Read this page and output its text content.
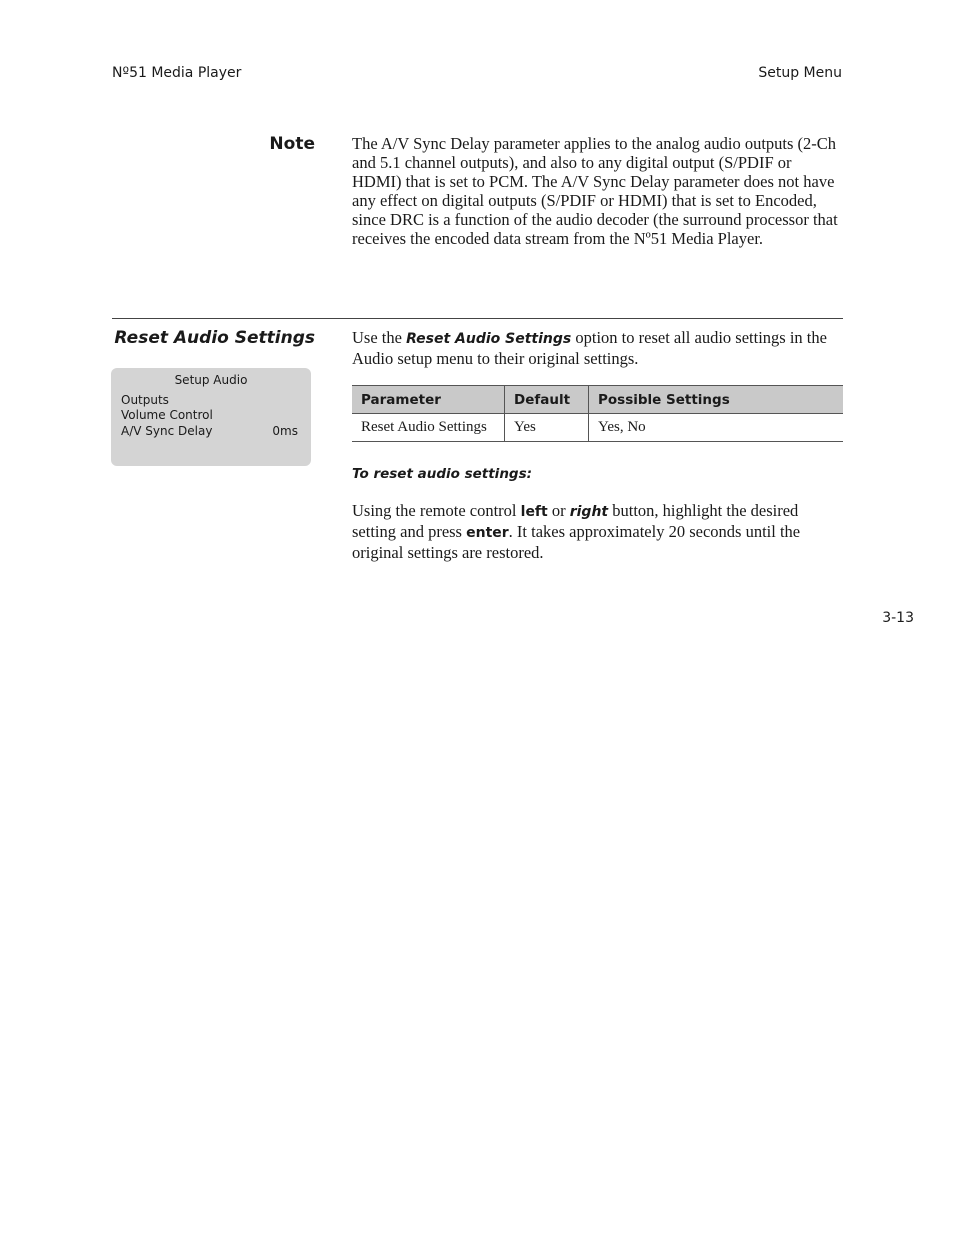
Nº51 Media Player	Setup Menu
Note The A/V Sync Delay parameter applies to the analog audio outputs (2-Ch and 5.1 channel outputs), and also to any digital output (S/PDIF or HDMI) that is set to PCM. The A/V Sync Delay parameter does not have any effect on digital outputs (S/PDIF or HDMI) that is set to Encoded, since DRC is a function of the audio decoder (the surround processor that receives the encoded data stream from the Nº51 Media Player.
Reset Audio Settings
Setup Audio
Outputs
Volume Control
A/V Sync Delay	0ms
Use the Reset Audio Settings option to reset all audio settings in the Audio setup menu to their original settings.
Parameter	Default	Possible Settings
Reset Audio Settings	Yes	Yes, No
To reset audio settings:
Using the remote control left or right button, highlight the desired setting and press enter. It takes approximately 20 seconds until the original settings are restored.
3-13
